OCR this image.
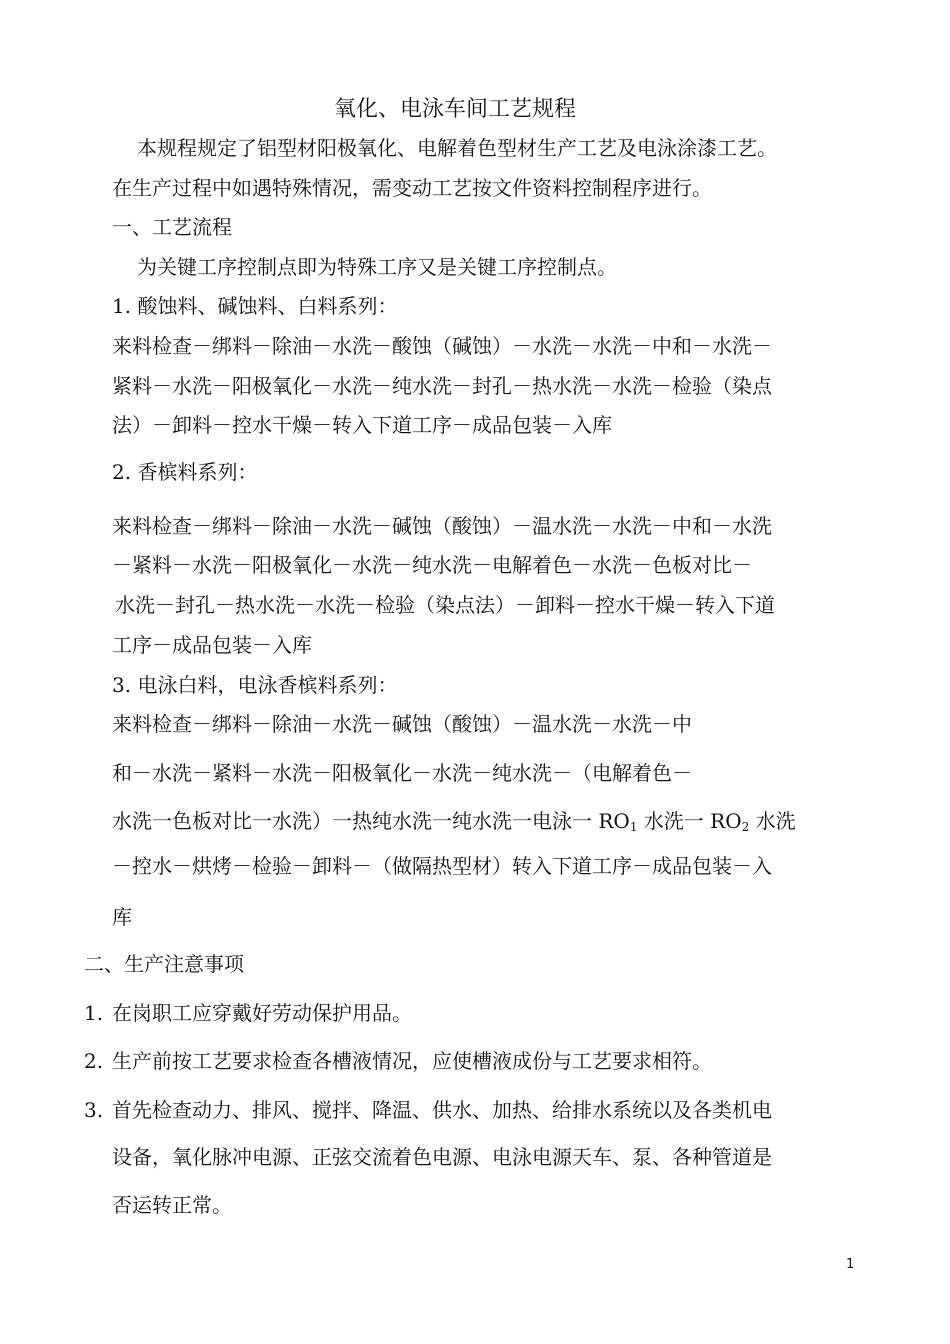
氧化、电泳车间工艺规程
本规程规定了铝型材阳极氧化、电解着色型材生产工艺及电泳涂漆工艺。
在生产过程中如遇特殊情况，需变动工艺按文件资料控制程序进行。
一、工艺流程
为关键工序控制点即为特殊工序又是关键工序控制点。
1. 酸蚀料、碱蚀料、白料系列：
来料检查－绑料－除油－水洗－酸蚀（碱蚀）－水洗－水洗－中和－水洗－
紧料－水洗－阳极氧化－水洗－纯水洗－封孔－热水洗－水洗－检验（染点
法）－卸料－控水干燥－转入下道工序－成品包装－入库
2. 香槟料系列：
来料检查－绑料－除油－水洗－碱蚀（酸蚀）－温水洗－水洗－中和－水洗
－紧料－水洗－阳极氧化－水洗－纯水洗－电解着色－水洗－色板对比－
水洗－封孔－热水洗－水洗－检验（染点法）－卸料－控水干燥－转入下道
工序－成品包装－入库
3. 电泳白料，电泳香槟料系列：
来料检查－绑料－除油－水洗－碱蚀（酸蚀）－温水洗－水洗－中
和－水洗－紧料－水洗－阳极氧化－水洗－纯水洗－（电解着色－
水洗一色板对比一水洗）一热纯水洗一纯水洗一电泳一 $RO_1$ 水洗一 $RO_2$ 水洗
－控水－烘烤－检验－卸料－（做隔热型材）转入下道工序－成品包装－入
库
二、生产注意事项
1. 在岗职工应穿戴好劳动保护用品。
2. 生产前按工艺要求检查各槽液情况，应使槽液成份与工艺要求相符。
3. 首先检查动力、排风、搅拌、降温、供水、加热、给排水系统以及各类机电
设备，氧化脉冲电源、正弦交流着色电源、电泳电源天车、泵、各种管道是
否运转正常。
1
